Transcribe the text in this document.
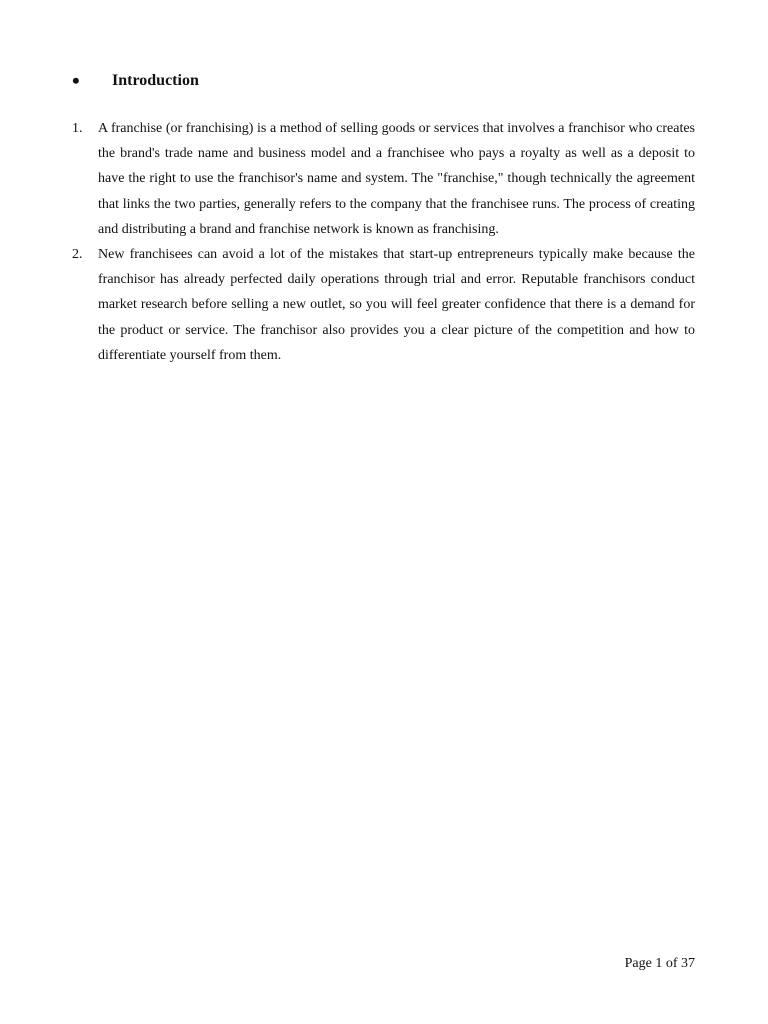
•	Introduction
1.	A franchise (or franchising) is a method of selling goods or services that involves a franchisor who creates the brand's trade name and business model and a franchisee who pays a royalty as well as a deposit to have the right to use the franchisor's name and system. The "franchise," though technically the agreement that links the two parties, generally refers to the company that the franchisee runs. The process of creating and distributing a brand and franchise network is known as franchising.
2.	New franchisees can avoid a lot of the mistakes that start-up entrepreneurs typically make because the franchisor has already perfected daily operations through trial and error. Reputable franchisors conduct market research before selling a new outlet, so you will feel greater confidence that there is a demand for the product or service. The franchisor also provides you a clear picture of the competition and how to differentiate yourself from them.
Page 1 of 37
